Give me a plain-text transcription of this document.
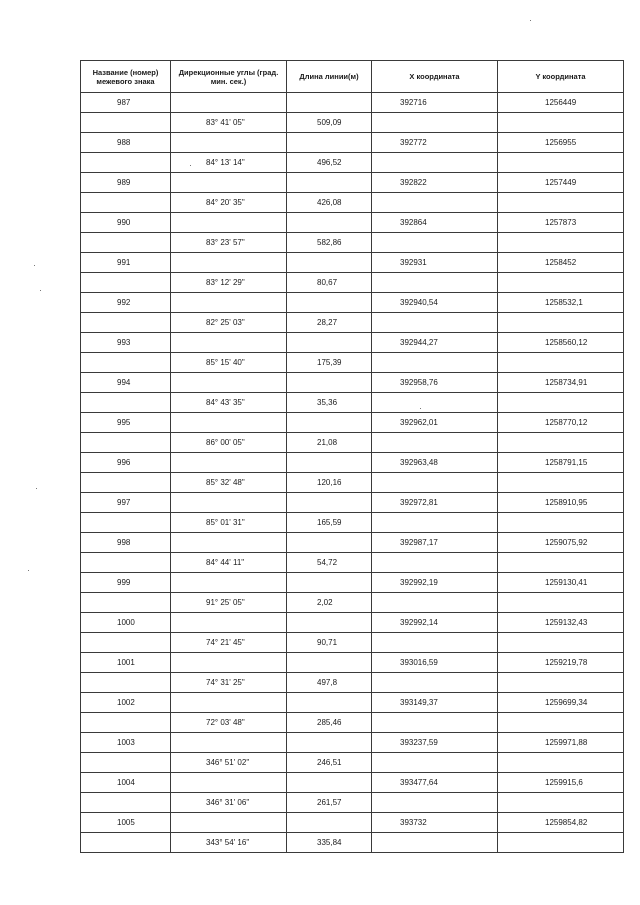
Название (номер) межевого знака	Дирекционные углы (град. мин. сек.)	Длина линии(м)	X координата	Y координата
987			392716	1256449
	83° 41' 05"	509,09		
988			392772	1256955
	84° 13' 14"	496,52		
989			392822	1257449
	84° 20' 35"	426,08		
990			392864	1257873
	83° 23' 57"	582,86		
991			392931	1258452
	83° 12' 29"	80,67		
992			392940,54	1258532,1
	82° 25' 03"	28,27		
993			392944,27	1258560,12
	85° 15' 40"	175,39		
994			392958,76	1258734,91
	84° 43' 35"	35,36		
995			392962,01	1258770,12
	86° 00' 05"	21,08		
996			392963,48	1258791,15
	85° 32' 48"	120,16		
997			392972,81	1258910,95
	85° 01' 31"	165,59		
998			392987,17	1259075,92
	84° 44' 11"	54,72		
999			392992,19	1259130,41
	91° 25' 05"	2,02		
1000			392992,14	1259132,43
	74° 21' 45"	90,71		
1001			393016,59	1259219,78
	74° 31' 25"	497,8		
1002			393149,37	1259699,34
	72° 03' 48"	285,46		
1003			393237,59	1259971,88
	346° 51' 02"	246,51		
1004			393477,64	1259915,6
	346° 31' 06"	261,57		
1005			393732	1259854,82
	343° 54' 16"	335,84		
